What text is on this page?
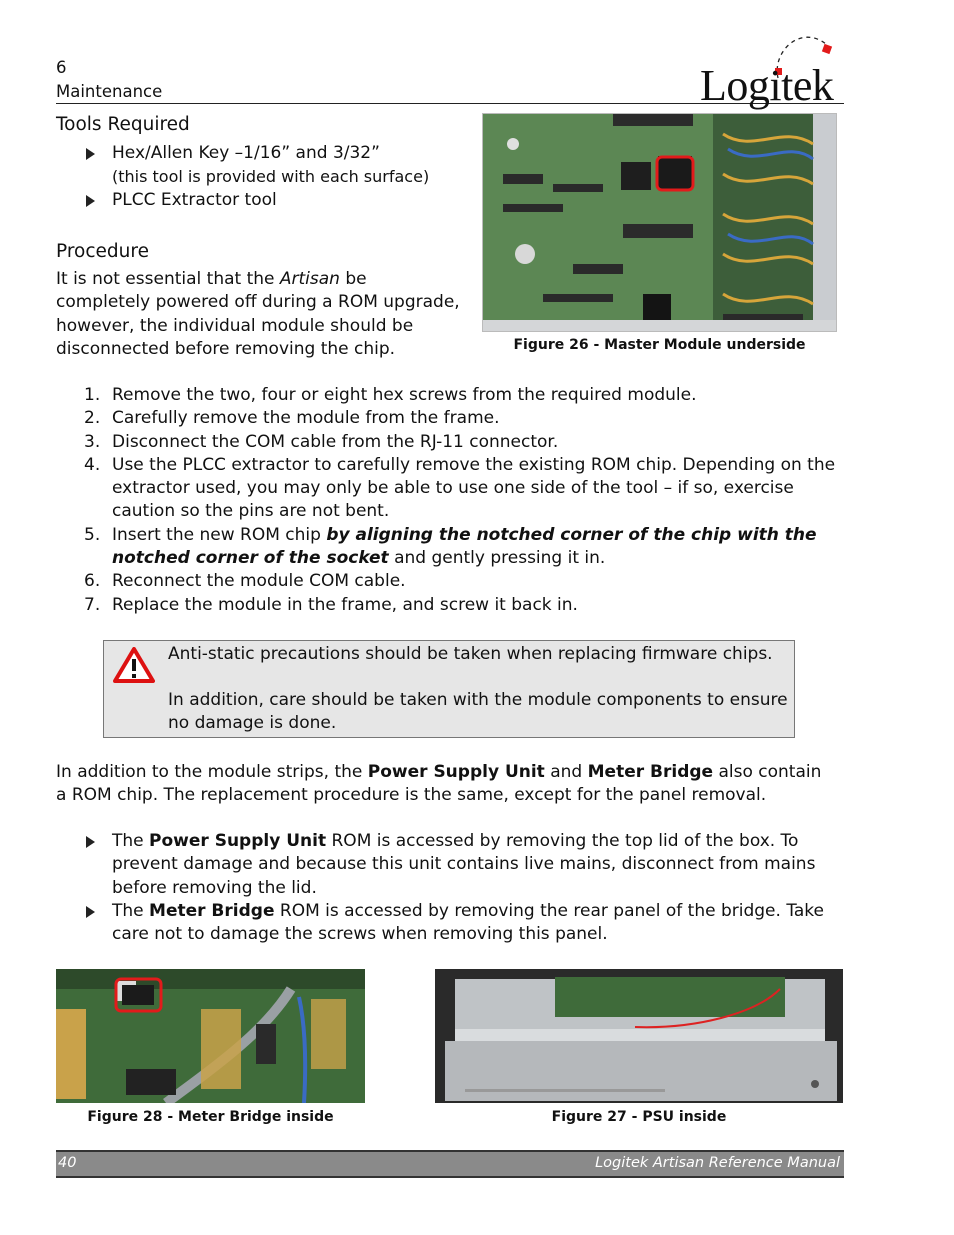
6
Maintenance	Logitek
Tools Required
Hex/Allen Key –1/16” and 3/32”
(this tool is provided with each surface)
PLCC Extractor tool
Procedure
It is not essential that the Artisan be completely powered off during a ROM upgrade, however, the individual module should be disconnected before removing the chip.	Figure 26 - Master Module underside
1. Remove the two, four or eight hex screws from the required module.
2. Carefully remove the module from the frame.
3. Disconnect the COM cable from the RJ-11 connector.
4. Use the PLCC extractor to carefully remove the existing ROM chip. Depending on the extractor used, you may only be able to use one side of the tool – if so, exercise caution so the pins are not bent.
5. Insert the new ROM chip by aligning the notched corner of the chip with the notched corner of the socket and gently pressing it in.
6. Reconnect the module COM cable.
7. Replace the module in the frame, and screw it back in.
Anti-static precautions should be taken when replacing firmware chips.
In addition, care should be taken with the module components to ensure no damage is done.
In addition to the module strips, the Power Supply Unit and Meter Bridge also contain a ROM chip. The replacement procedure is the same, except for the panel removal.
The Power Supply Unit ROM is accessed by removing the top lid of the box. To prevent damage and because this unit contains live mains, disconnect from mains before removing the lid.
The Meter Bridge ROM is accessed by removing the rear panel of the bridge. Take care not to damage the screws when removing this panel.
Figure 28 - Meter Bridge inside	Figure 27 - PSU inside
40	Logitek Artisan Reference Manual
